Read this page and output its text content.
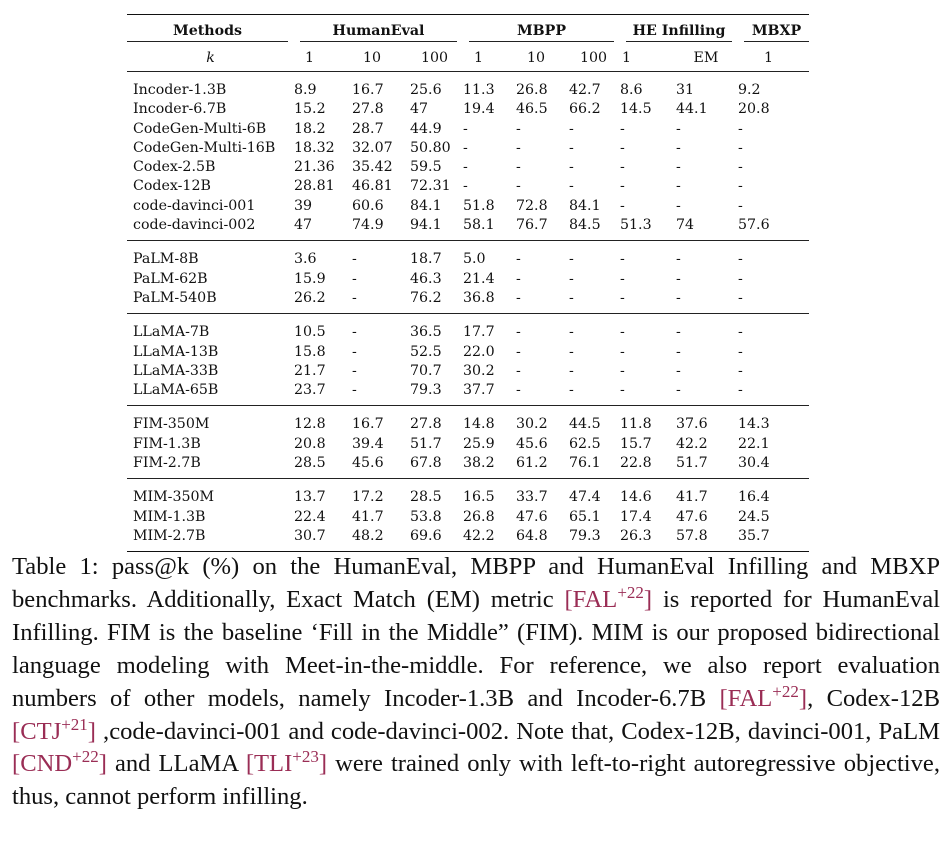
Methods	HumanEval			MBPP			HE Infilling		MBXP

k	1	10	100	1	10	100	1	EM	1
Incoder-1.3B	8.9	16.7	25.6	11.3	26.8	42.7	8.6	31	9.2
Incoder-6.7B	15.2	27.8	47	19.4	46.5	66.2	14.5	44.1	20.8
CodeGen-Multi-6B	18.2	28.7	44.9	-	-	-	-	-	-
CodeGen-Multi-16B	18.32	32.07	50.80	-	-	-	-	-	-
Codex-2.5B	21.36	35.42	59.5	-	-	-	-	-	-
Codex-12B	28.81	46.81	72.31	-	-	-	-	-	-
code-davinci-001	39	60.6	84.1	51.8	72.8	84.1	-	-	-
code-davinci-002	47	74.9	94.1	58.1	76.7	84.5	51.3	74	57.6
PaLM-8B	3.6	-	18.7	5.0	-	-	-	-	-
PaLM-62B	15.9	-	46.3	21.4	-	-	-	-	-
PaLM-540B	26.2	-	76.2	36.8	-	-	-	-	-
LLaMA-7B	10.5	-	36.5	17.7	-	-	-	-	-
LLaMA-13B	15.8	-	52.5	22.0	-	-	-	-	-
LLaMA-33B	21.7	-	70.7	30.2	-	-	-	-	-
LLaMA-65B	23.7	-	79.3	37.7	-	-	-	-	-
FIM-350M	12.8	16.7	27.8	14.8	30.2	44.5	11.8	37.6	14.3
FIM-1.3B	20.8	39.4	51.7	25.9	45.6	62.5	15.7	42.2	22.1
FIM-2.7B	28.5	45.6	67.8	38.2	61.2	76.1	22.8	51.7	30.4
MIM-350M	13.7	17.2	28.5	16.5	33.7	47.4	14.6	41.7	16.4
MIM-1.3B	22.4	41.7	53.8	26.8	47.6	65.1	17.4	47.6	24.5
MIM-2.7B	30.7	48.2	69.6	42.2	64.8	79.3	26.3	57.8	35.7
Table 1: pass@k (%) on the HumanEval, MBPP and HumanEval Infilling and MBXP benchmarks. Additionally, Exact Match (EM) metric [FAL$^{+22}$] is reported for HumanEval Infilling. FIM is the baseline ‘Fill in the Middle” (FIM). MIM is our proposed bidirectional language modeling with Meet-in-the-middle. For reference, we also report evaluation numbers of other models, namely Incoder-1.3B and Incoder-6.7B [FAL$^{+22}$], Codex-12B [CTJ$^{+21}$] ,code-davinci-001 and code-davinci-002. Note that, Codex-12B, davinci-001, PaLM [CND$^{+22}$] and LLaMA [TLI$^{+23}$] were trained only with left-to-right autoregressive objective, thus, cannot perform infilling.
